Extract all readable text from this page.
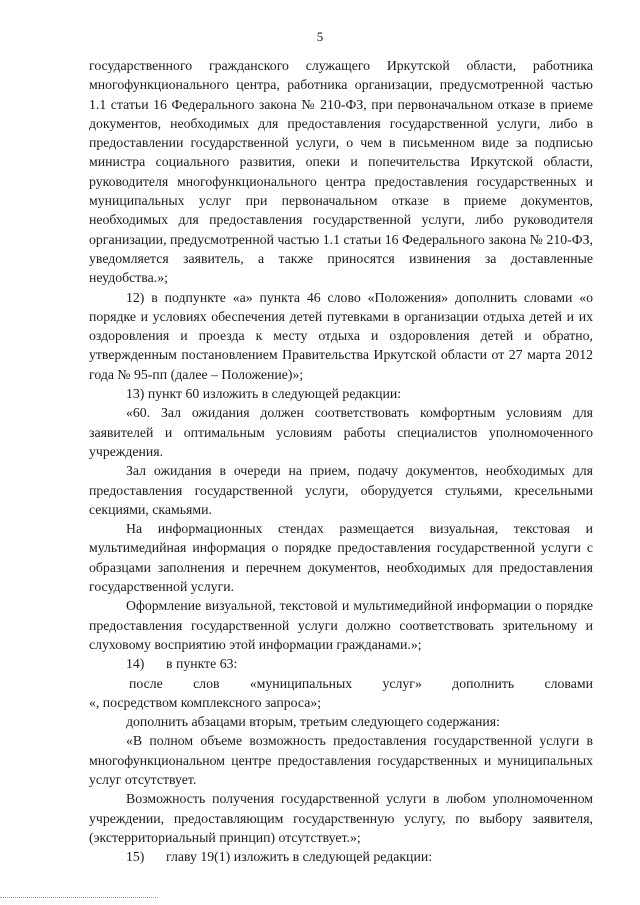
5

государственного гражданского служащего Иркутской области, работника многофункционального центра, работника организации, предусмотренной частью 1.1 статьи 16 Федерального закона № 210-ФЗ, при первоначальном отказе в приеме документов, необходимых для предоставления государственной услуги, либо в предоставлении государственной услуги, о чем в письменном виде за подписью министра социального развития, опеки и попечительства Иркутской области, руководителя многофункционального центра предоставления государственных и муниципальных услуг при первоначальном отказе в приеме документов, необходимых для предоставления государственной услуги, либо руководителя организации, предусмотренной частью 1.1 статьи 16 Федерального закона № 210-ФЗ, уведомляется заявитель, а также приносятся извинения за доставленные неудобства.»;

12) в подпункте «а» пункта 46 слово «Положения» дополнить словами «о порядке и условиях обеспечения детей путевками в организации отдыха детей и их оздоровления и проезда к месту отдыха и оздоровления детей и обратно, утвержденным постановлением Правительства Иркутской области от 27 марта 2012 года № 95-пп (далее – Положение)»;

13) пункт 60 изложить в следующей редакции:

«60. Зал ожидания должен соответствовать комфортным условиям для заявителей и оптимальным условиям работы специалистов уполномоченного учреждения.

Зал ожидания в очереди на прием, подачу документов, необходимых для предоставления государственной услуги, оборудуется стульями, кресельными секциями, скамьями.

На информационных стендах размещается визуальная, текстовая и мультимедийная информация о порядке предоставления государственной услуги с образцами заполнения и перечнем документов, необходимых для предоставления государственной услуги.

Оформление визуальной, текстовой и мультимедийной информации о порядке предоставления государственной услуги должно соответствовать зрительному и слуховому восприятию этой информации гражданами.»;

14) в пункте 63:

после слов «муниципальных услуг» дополнить словами

«, посредством комплексного запроса»;

дополнить абзацами вторым, третьим следующего содержания:

«В полном объеме возможность предоставления государственной услуги в многофункциональном центре предоставления государственных и муниципальных услуг отсутствует.

Возможность получения государственной услуги в любом уполномоченном учреждении, предоставляющим государственную услугу, по выбору заявителя, (экстерриториальный принцип) отсутствует.»;

15) главу 19(1) изложить в следующей редакции:
